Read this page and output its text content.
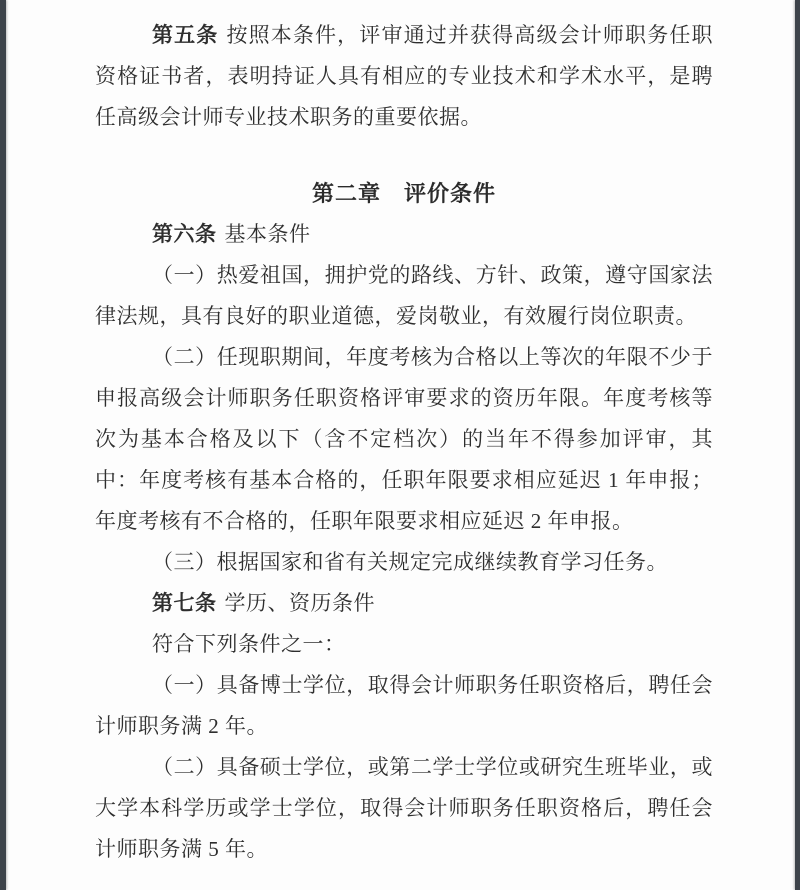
第五条 按照本条件，评审通过并获得高级会计师职务任职资格证书者，表明持证人具有相应的专业技术和学术水平，是聘任高级会计师专业技术职务的重要依据。

第二章　评价条件

第六条 基本条件

（一）热爱祖国，拥护党的路线、方针、政策，遵守国家法律法规，具有良好的职业道德，爱岗敬业，有效履行岗位职责。

（二）任现职期间，年度考核为合格以上等次的年限不少于申报高级会计师职务任职资格评审要求的资历年限。年度考核等次为基本合格及以下（含不定档次）的当年不得参加评审，其中：年度考核有基本合格的，任职年限要求相应延迟 1 年申报；年度考核有不合格的，任职年限要求相应延迟 2 年申报。

（三）根据国家和省有关规定完成继续教育学习任务。

第七条 学历、资历条件

符合下列条件之一：

（一）具备博士学位，取得会计师职务任职资格后，聘任会计师职务满 2 年。

（二）具备硕士学位，或第二学士学位或研究生班毕业，或大学本科学历或学士学位，取得会计师职务任职资格后，聘任会计师职务满 5 年。
